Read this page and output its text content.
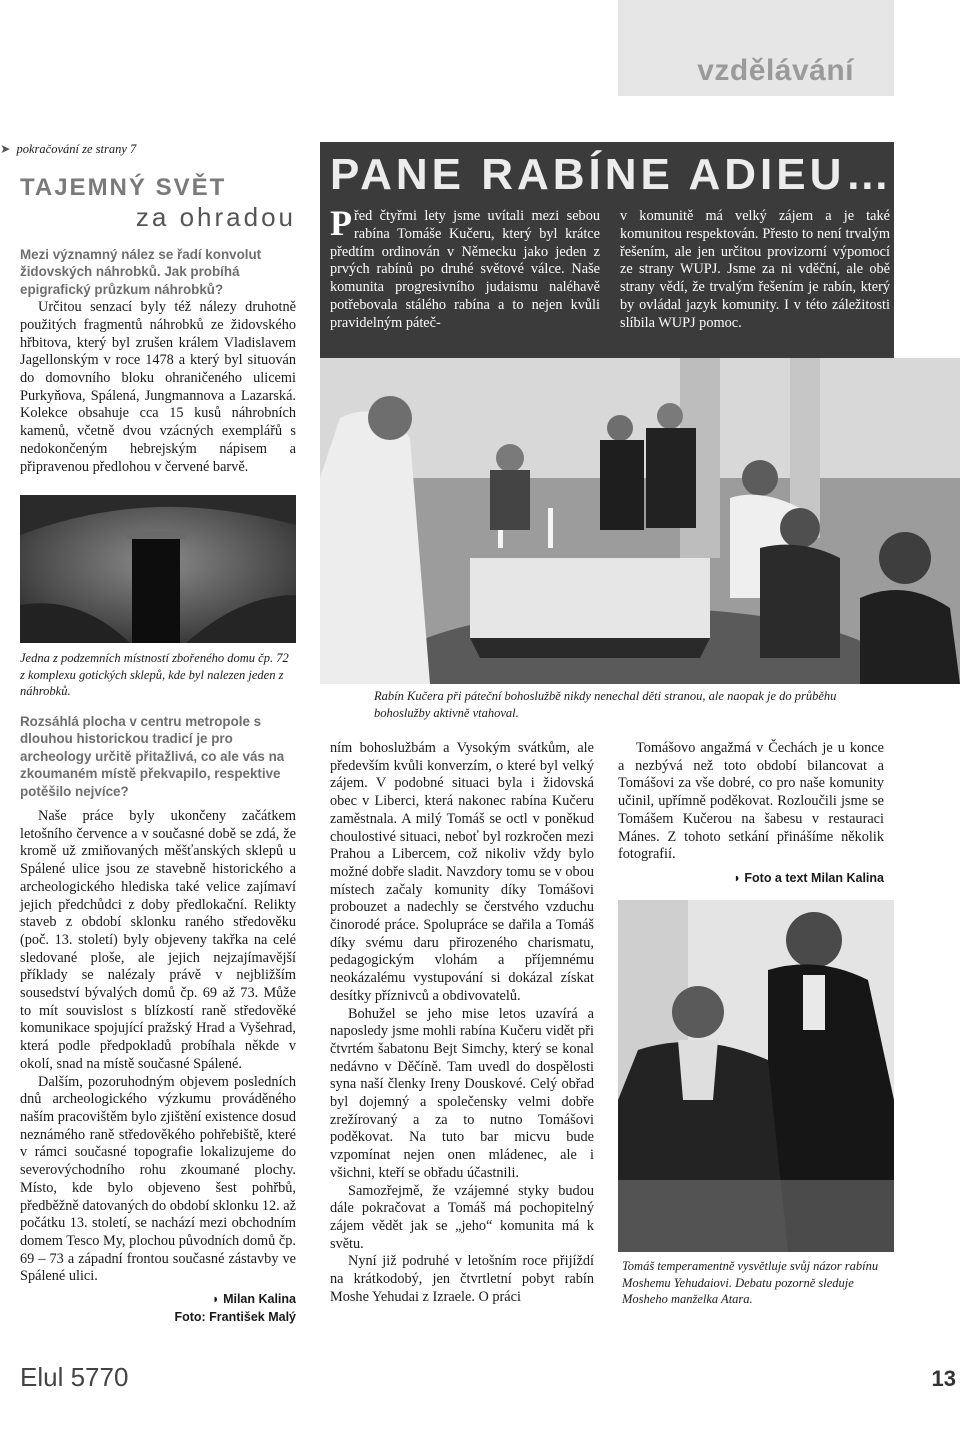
vzdělávání
➤ pokračování ze strany 7
TAJEMNÝ SVĚT
za ohradou
Mezi významný nález se řadí konvolut židovských náhrobků. Jak probíhá epigrafický průzkum náhrobků?

Určitou senzací byly též nálezy druhotně použitých fragmentů náhrobků ze židovského hřbitova, který byl zrušen králem Vladislavem Jagellonským v roce 1478 a který byl situován do domovního bloku ohraničeného ulicemi Purkyňova, Spálená, Jungmannova a Lazarská. Kolekce obsahuje cca 15 kusů náhrobních kamenů, včetně dvou vzácných exemplářů s nedokončeným hebrejským nápisem a připravenou předlohou v červené barvě.

Jedna z podzemních místností zbořeného domu čp. 72 z komplexu gotických sklepů, kde byl nalezen jeden z náhrobků.
Rozsáhlá plocha v centru metropole s dlouhou historickou tradicí je pro archeology určitě přitažlivá, co ale vás na zkoumaném místě překvapilo, respektive potěšilo nejvíce?

Naše práce byly ukončeny začátkem letošního července a v současné době se zdá, že kromě už zmiňovaných měšťanských sklepů u Spálené ulice jsou ze stavebně historického a archeologického hlediska také velice zajímaví jejich předchůdci z doby předlokační. Relikty staveb z období sklonku raného středověku (poč. 13. století) byly objeveny takřka na celé sledované ploše, ale jejich nejzajímavější příklady se nalézaly právě v nejbližším sousedství bývalých domů čp. 69 až 73. Může to mít souvislost s blízkostí raně středověké komunikace spojující pražský Hrad a Vyšehrad, která podle předpokladů probíhala někde v okolí, snad na místě současné Spálené.

Dalším, pozoruhodným objevem posledních dnů archeologického výzkumu prováděného naším pracovištěm bylo zjištění existence dosud neznámého raně středověkého pohřebiště, které v rámci současné topografie lokalizujeme do severovýchodního rohu zkoumané plochy. Místo, kde bylo objeveno šest pohřbů, předběžně datovaných do období sklonku 12. až počátku 13. století, se nachází mezi obchodním domem Tesco My, plochou původních domů čp. 69 – 73 a západní frontou současné zástavby ve Spálené ulici.

◗ Milan Kalina
Foto: František Malý
PANE RABÍNE ADIEU…
Před čtyřmi lety jsme uvítali mezi sebou rabína Tomáše Kučeru, který byl krátce předtím ordinován v Německu jako jeden z prvých rabínů po druhé světové válce. Naše komunita progresivního judaismu naléhavě potřebovala stálého rabína a to nejen kvůli pravidelným páteč-
v komunitě má velký zájem a je také komunitou respektován. Přesto to není trvalým řešením, ale jen určitou provizorní výpomocí ze strany WUPJ. Jsme za ni vděční, ale obě strany vědí, že trvalým řešením je rabín, který by ovládal jazyk komunity. I v této záležitosti slíbila WUPJ pomoc.
Rabín Kučera při páteční bohoslužbě nikdy nenechal děti stranou, ale naopak je do průběhu bohoslužby aktivně vtahoval.

ním bohoslužbám a Vysokým svátkům, ale především kvůli konverzím, o které byl velký zájem. V podobné situaci byla i židovská obec v Liberci, která nakonec rabína Kučeru zaměstnala. A milý Tomáš se octl v poněkud choulostivé situaci, neboť byl rozkročen mezi Prahou a Libercem, což nikoliv vždy bylo možné dobře sladit. Navzdory tomu se v obou místech začaly komunity díky Tomášovi probouzet a nadechly se čerstvého vzduchu činorodé práce. Spolupráce se dařila a Tomáš díky svému daru přirozeného charismatu, pedagogickým vlohám a příjemnému neokázalému vystupování si dokázal získat desítky příznivců a obdivovatelů.

Bohužel se jeho mise letos uzavírá a naposledy jsme mohli rabína Kučeru vidět při čtvrtém šabatonu Bejt Simchy, který se konal nedávno v Děčíně. Tam uvedl do dospělosti syna naší členky Ireny Douskové. Celý obřad byl dojemný a společensky velmi dobře zrežírovaný a za to nutno Tomášovi poděkovat. Na tuto bar micvu bude vzpomínat nejen onen mládenec, ale i všichni, kteří se obřadu účastnili.

Samozřejmě, že vzájemné styky budou dále pokračovat a Tomáš má pochopitelný zájem vědět jak se „jeho“ komunita má k světu.

Nyní již podruhé v letošním roce přijíždí na krátkodobý, jen čtvrtletní pobyt rabín Moshe Yehudai z Izraele. O práci

Tomášovo angažmá v Čechách je u konce a nezbývá než toto období bilancovat a Tomášovi za vše dobré, co pro naše komunity učinil, upřímně poděkovat. Rozloučili jsme se Tomášem Kučerou na šabesu v restauraci Mánes. Z tohoto setkání přinášíme několik fotografií.

◗ Foto a text Milan Kalina
Tomáš temperamentně vysvětluje svůj názor rabínu Moshemu Yehudaiovi. Debatu pozorně sleduje Mosheho manželka Atara.
Elul 5770	13
